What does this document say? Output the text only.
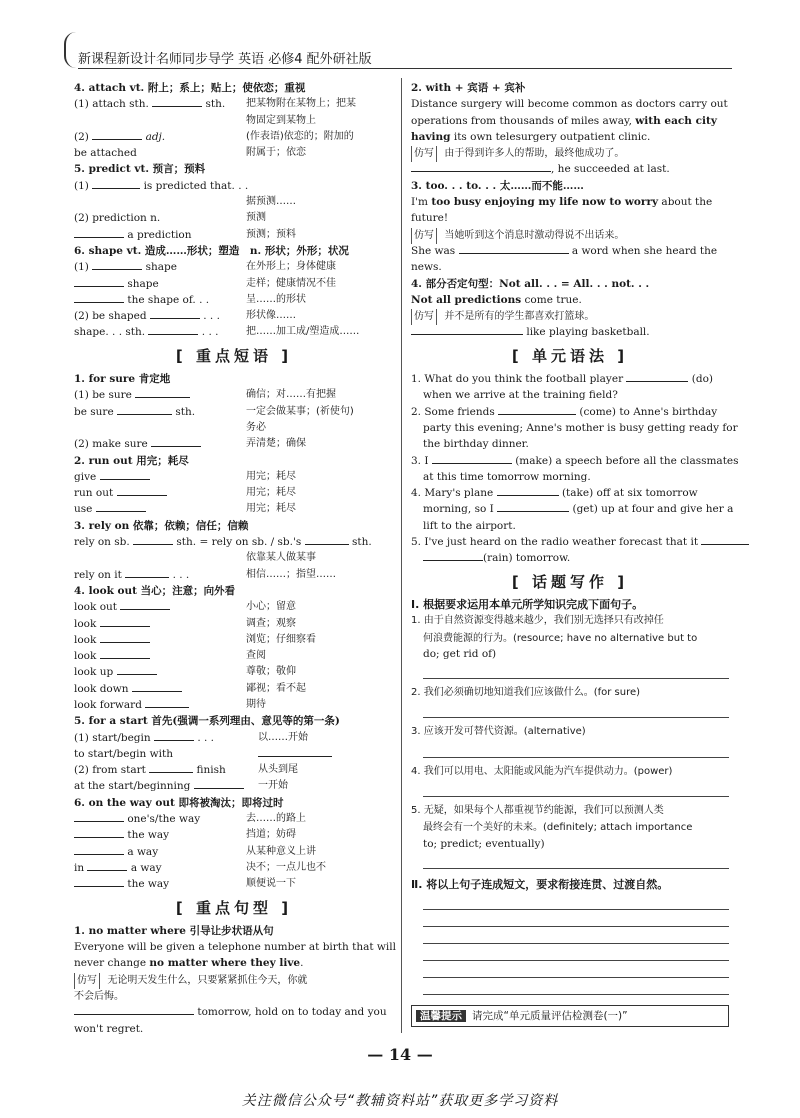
新课程新设计名师同步导学 英语 必修4 配外研社版
4. attach vt. 附上；系上；贴上；使依恋；重视
(1) attach sth.	sth. 把某物附在某物上；把某
物固定到某物上
(2)	adj.	(作表语)依恋的；附加的
be attached	附属于；依恋
5. predict vt. 预言；预料
(1)	is predicted that. . .
据预测……
(2) prediction n.	预测
a prediction	预测；预料
6. shape vt. 造成……形状；塑造　n. 形状；外形；状况
(1)	shape	在外形上；身体健康
shape	走样；健康情况不佳
the shape of. . .	呈……的形状
(2) be shaped	. . .	形状像……
shape. . . sth.	. . .	把……加工成/塑造成……
[ 重点短语 ]
1. for sure 肯定地
(1) be sure	确信；对……有把握
be sure	sth.	一定会做某事；(祈使句)
务必
(2) make sure	弄清楚；确保
2. run out 用完；耗尽
give	用完；耗尽
run out	用完；耗尽
use	用完；耗尽
3. rely on 依靠；依赖；信任；信赖
rely on sb.	sth. = rely on sb. / sb.'s	sth.
依靠某人做某事
rely on it	. . .	相信……；指望……
4. look out 当心；注意；向外看
look out	小心；留意
look	调查；观察
look	浏览；仔细察看
look	查阅
look up	尊敬；敬仰
look down	鄙视；看不起
look forward	期待
5. for a start 首先(强调一系列理由、意见等的第一条)
(1) start/begin	. . .	以……开始
to start/begin with
(2) from start	finish	从头到尾
at the start/beginning	一开始
6. on the way out 即将被淘汰；即将过时
one's/the way	去……的路上
the way	挡道；妨碍
a way	从某种意义上讲
in	a way	决不；一点儿也不
the way	顺便说一下
[ 重点句型 ]
1. no matter where 引导让步状语从句
Everyone will be given a telephone number at birth that will
never change no matter where they live.
仿写 无论明天发生什么，只要紧紧抓住今天，你就
不会后悔。
tomorrow, hold on to today and you
won't regret.
2. with + 宾语 + 宾补
Distance surgery will become common as doctors carry out
operations from thousands of miles away, with each city
having its own telesurgery outpatient clinic.
仿写 由于得到许多人的帮助，最终他成功了。
, he succeeded at last.
3. too. . . to. . . 太……而不能……
I'm too busy enjoying my life now to worry about the
future!
仿写 当她听到这个消息时激动得说不出话来。
She was	a word when she heard the
news.
4. 部分否定句型：Not all. . . = All. . . not. . .
Not all predictions come true.
仿写 并不是所有的学生都喜欢打篮球。
like playing basketball.
[ 单元语法 ]
1. What do you think the football player	(do)
when we arrive at the training field?
2. Some friends	(come) to Anne's birthday
party this evening; Anne's mother is busy getting ready for
the birthday dinner.
3. I	(make) a speech before all the classmates
at this time tomorrow morning.
4. Mary's plane	(take) off at six tomorrow
morning, so I	(get) up at four and give her a
lift to the airport.
5. I've just heard on the radio weather forecast that it
(rain) tomorrow.
[ 话题写作 ]
Ⅰ. 根据要求运用本单元所学知识完成下面句子。
1. 由于自然资源变得越来越少，我们别无选择只有改掉任
何浪费能源的行为。(resource; have no alternative but to
do; get rid of)
2. 我们必须确切地知道我们应该做什么。(for sure)
3. 应该开发可替代资源。(alternative)
4. 我们可以用电、太阳能或风能为汽车提供动力。(power)
5. 无疑，如果每个人都重视节约能源，我们可以预测人类
最终会有一个美好的未来。(definitely; attach importance
to; predict; eventually)
Ⅱ. 将以上句子连成短文，要求衔接连贯、过渡自然。
温馨提示 请完成“单元质量评估检测卷(一)”
— 14 —
关注微信公众号“教辅资料站”获取更多学习资料
